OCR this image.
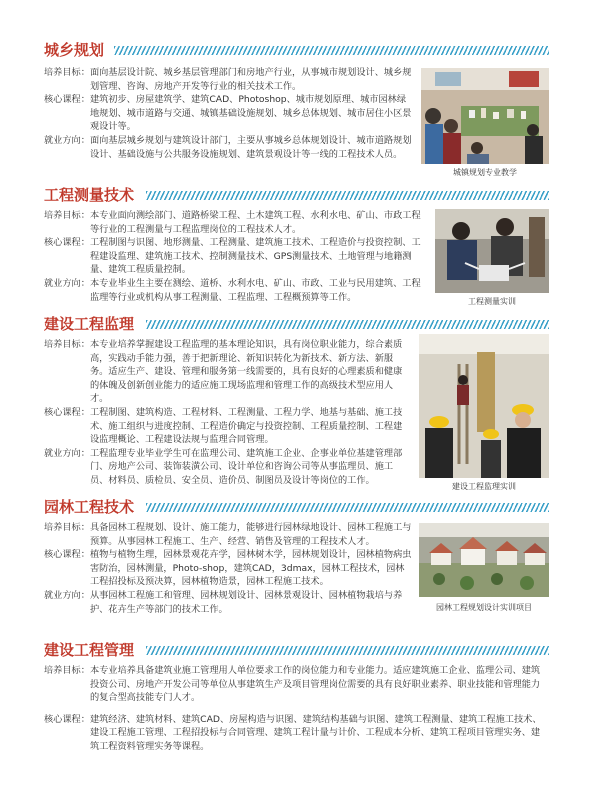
城乡规划
培养目标： 面向基层设计院、城乡基层管理部门和房地产行业，从事城市规划设计、城乡规划管理、咨询、房地产开发等行业的相关技术工作。
核心课程： 建筑初步、房屋建筑学、建筑CAD、Photoshop、城市规划原理、城市园林绿地规划、城市道路与交通、城镇基础设施规划、城乡总体规划、城市居住小区景观设计等。
就业方向： 面向基层城乡规划与建筑设计部门，主要从事城乡总体规划设计、城市道路规划设计、基础设施与公共服务设施规划、建筑景观设计等一线的工程技术人员。
城镇规划专业教学
工程测量技术
培养目标： 本专业面向测绘部门、道路桥梁工程、土木建筑工程、水利水电、矿山、市政工程等行业的工程测量与工程监理岗位的工程技术人才。
核心课程： 工程制图与识图、地形测量、工程测量、建筑施工技术、工程造价与投资控制、工程建设监理、建筑施工技术、控制测量技术、GPS测量技术、土地管理与地籍测量、建筑工程质量控制。
就业方向： 本专业毕业生主要在测绘、道桥、水利水电、矿山、市政、工业与民用建筑、工程监理等行业或机构从事工程测量、工程监理、工程概预算等工作。	工程测量实训
建设工程监理
培养目标： 本专业培养掌握建设工程监理的基本理论知识，具有岗位职业能力，综合素质高，实践动手能力强，善于把新理论、新知识转化为新技术、新方法、新服务。适应生产、建设、管理和服务第一线需要的，具有良好的心理素质和健康的体魄及创新创业能力的适应施工现场监理和管理工作的高级技术型应用人才。
核心课程： 工程制图、建筑构造、工程材料、工程测量、工程力学、地基与基础、施工技术、施工组织与进度控制、工程造价确定与投资控制、工程质量控制、工程建设监理概论、工程建设法规与监理合同管理。
就业方向： 工程监理专业毕业学生可在监理公司、建筑施工企业、企事业单位基建管理部门、房地产公司、装饰装潢公司、设计单位和咨询公司等从事监理员、施工员、材料员、质检员、安全员、造价员、制图员及设计等岗位的工作。
建设工程监理实训
园林工程技术
培养目标： 具备园林工程规划、设计、施工能力，能够进行园林绿地设计、园林工程施工与预算。从事园林工程施工、生产、经营、销售及管理的工程技术人才。
核心课程： 植物与植物生理，园林景观花卉学，园林树木学，园林规划设计，园林植物病虫害防治，园林测量，Photo-shop，建筑CAD，3dmax，园林工程技术，园林工程招投标及预决算，园林植物造景，园林工程施工技术。
就业方向： 从事园林工程施工和管理、园林规划设计、园林景观设计、园林植物栽培与养护、花卉生产等部门的技术工作。	园林工程规划设计实训项目
建设工程管理
培养目标： 本专业培养具备建筑业施工管理用人单位要求工作的岗位能力和专业能力。适应建筑施工企业、监理公司、建筑投资公司、房地产开发公司等单位从事建筑生产及项目管理岗位需要的具有良好职业素养、职业技能和管理能力的复合型高技能专门人才。
核心课程： 建筑经济、建筑材料、建筑CAD、房屋构造与识图、建筑结构基础与识图、建筑工程测量、建筑工程施工技术、建设工程施工管理、工程招投标与合同管理、建筑工程计量与计价、工程成本分析、建筑工程项目管理实务、建筑工程资料管理实务等课程。
